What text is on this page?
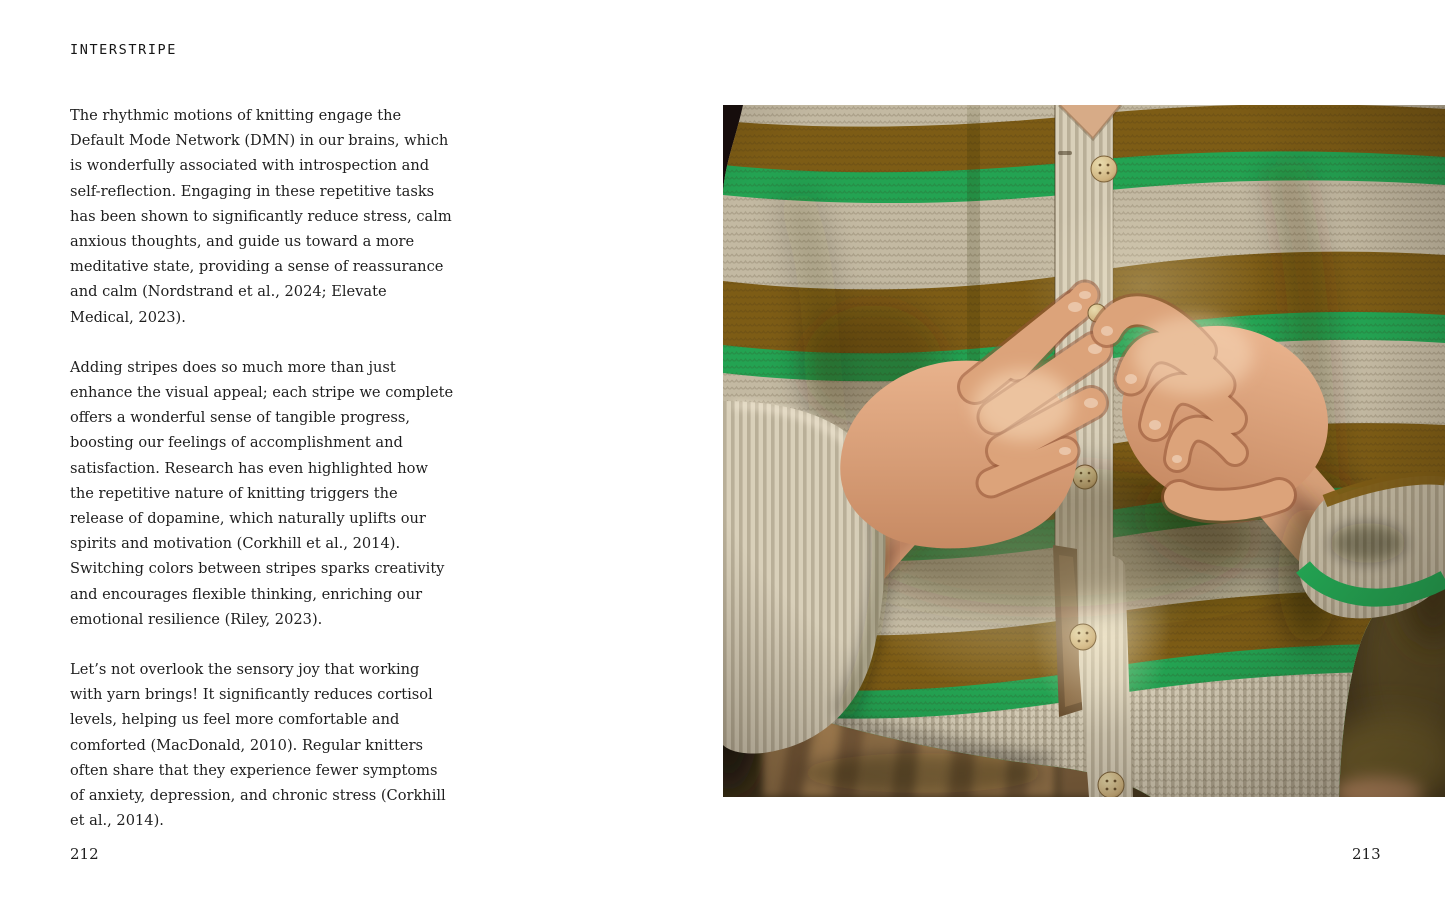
INTERSTRIPE

The rhythmic motions of knitting engage the Default Mode Network (DMN) in our brains, which is wonderfully associated with introspection and self-reflection. Engaging in these repetitive tasks has been shown to significantly reduce stress, calm anxious thoughts, and guide us toward a more meditative state, providing a sense of reassurance and calm (Nordstrand et al., 2024; Elevate Medical, 2023).

Adding stripes does so much more than just enhance the visual appeal; each stripe we complete offers a wonderful sense of tangible progress, boosting our feelings of accomplishment and satisfaction. Research has even highlighted how the repetitive nature of knitting triggers the release of dopamine, which naturally uplifts our spirits and motivation (Corkhill et al., 2014). Switching colors between stripes sparks creativity and encourages flexible thinking, enriching our emotional resilience (Riley, 2023).

Let’s not overlook the sensory joy that working with yarn brings! It significantly reduces cortisol levels, helping us feel more comfortable and comforted (MacDonald, 2010). Regular knitters often share that they experience fewer symptoms of anxiety, depression, and chronic stress (Corkhill et al., 2014).

212	213
